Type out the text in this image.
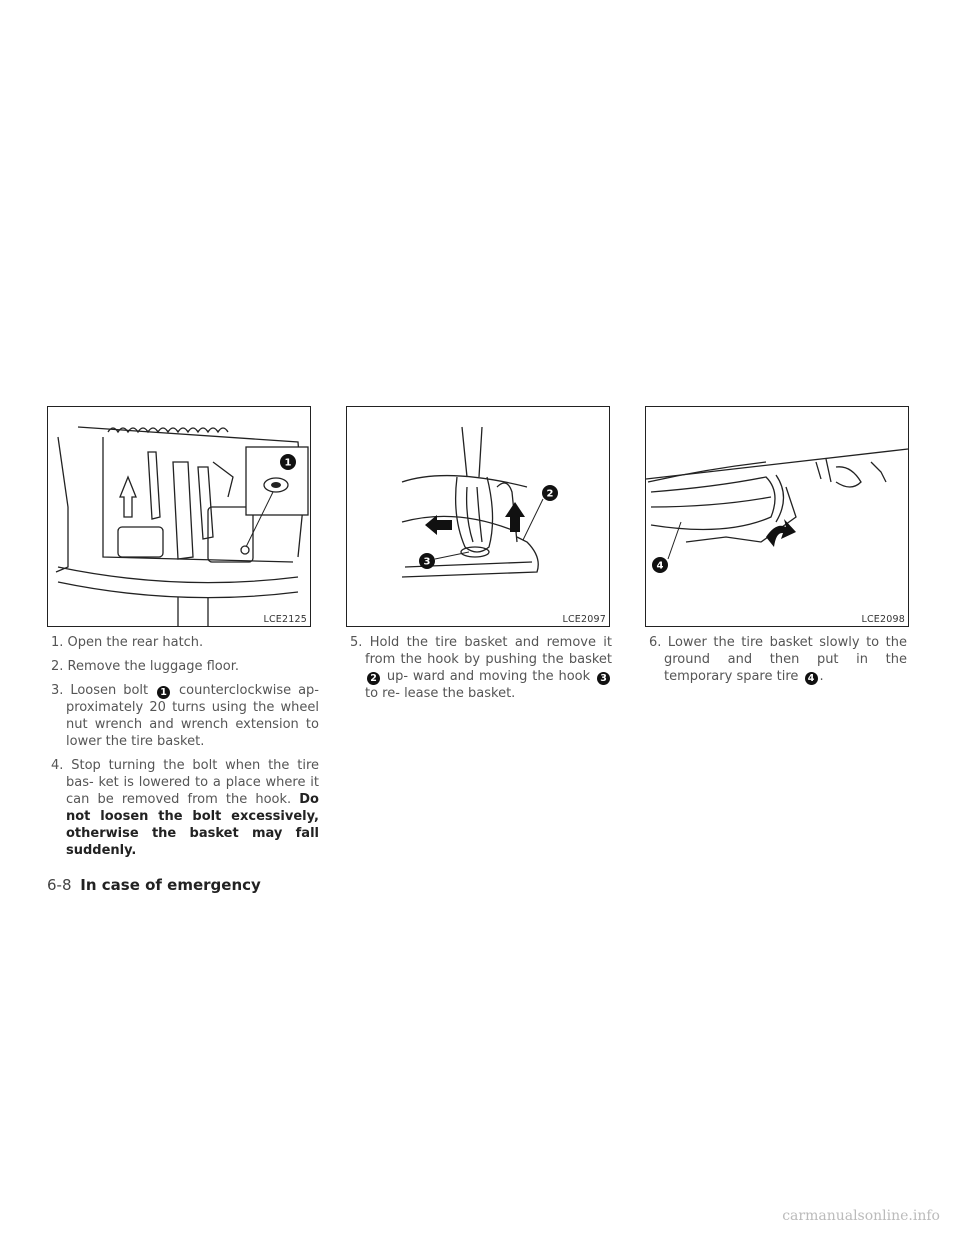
1
LCE2125
2
3
LCE2097
4
LCE2098

1. Open the rear hatch.

2. Remove the luggage floor.

3. Loosen bolt 1 counterclockwise ap- proximately 20 turns using the wheel nut wrench and wrench extension to lower the tire basket.

4. Stop turning the bolt when the tire bas- ket is lowered to a place where it can be removed from the hook. Do not loosen the bolt excessively, otherwise the basket may fall suddenly.

5. Hold the tire basket and remove it from the hook by pushing the basket 2 up- ward and moving the hook 3 to re- lease the basket.

6. Lower the tire basket slowly to the ground and then put in the temporary spare tire 4 .

6-8 In case of emergency
carmanualsonline.info
